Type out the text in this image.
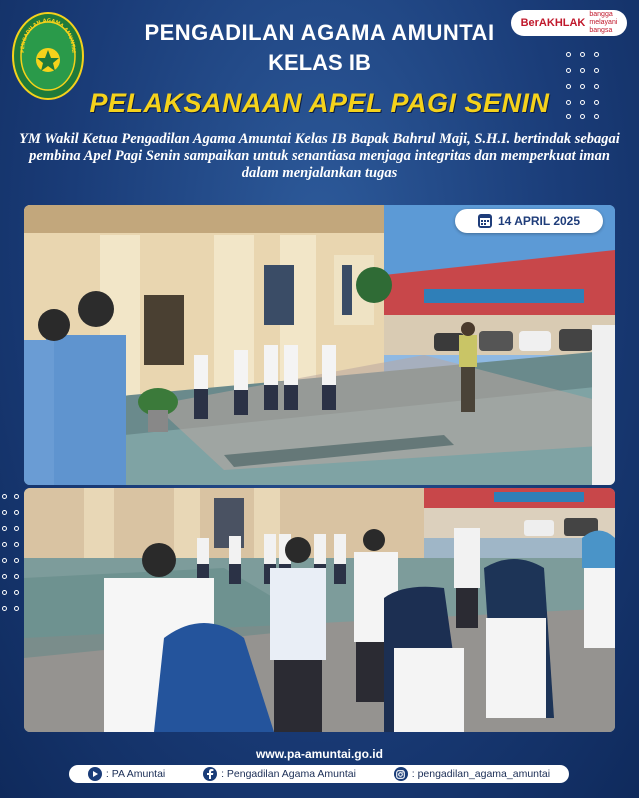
PENGADILAN AGAMA AMUNTAI
BerAKHLAK
bangga
melayani
bangsa
PENGADILAN AGAMA AMUNTAI
KELAS IB
PELAKSANAAN APEL PAGI SENIN
YM Wakil Ketua Pengadilan Agama Amuntai Kelas IB Bapak Bahrul Maji, S.H.I. bertindak sebagai pembina Apel Pagi Senin sampaikan untuk senantiasa menjaga integritas dan memperkuat iman dalam menjalankan tugas
14 APRIL 2025
www.pa-amuntai.go.id
: PA Amuntai	: Pengadilan Agama Amuntai	: pengadilan_agama_amuntai
